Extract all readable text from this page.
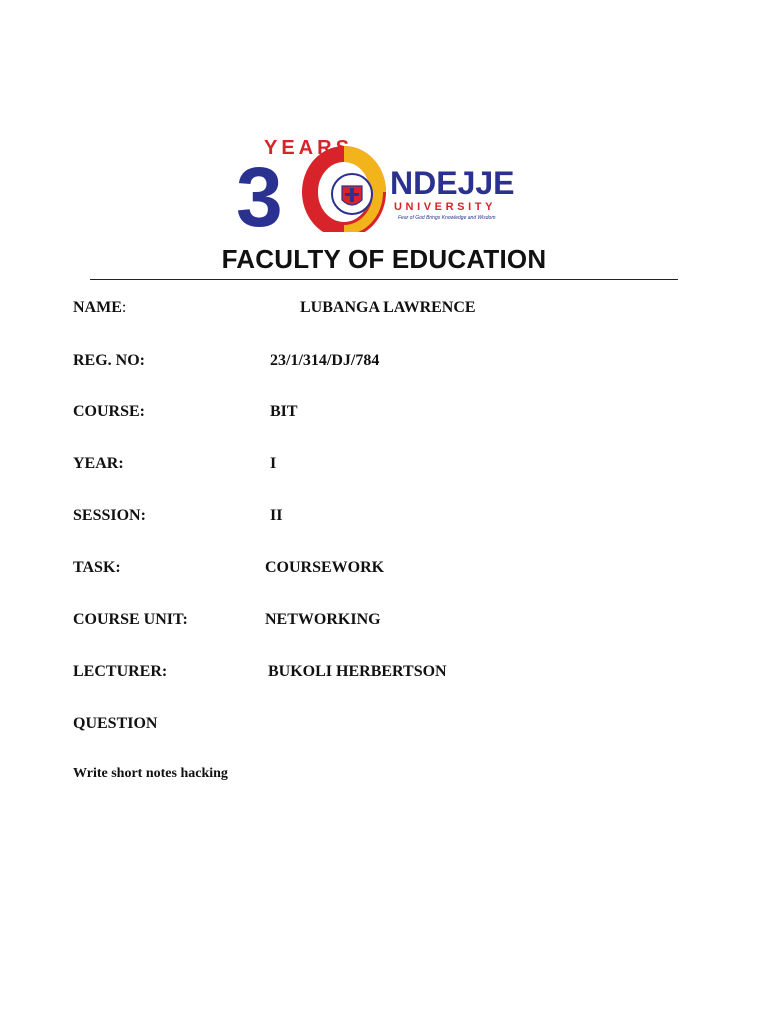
YEARS
3	NDEJJE
UNIVERSITY
Fear of God Brings Knowledge and Wisdom
FACULTY OF EDUCATION
NAME:	LUBANGA LAWRENCE
REG. NO:	23/1/314/DJ/784
COURSE:	BIT
YEAR:	I
SESSION:	II
TASK:	COURSEWORK
COURSE UNIT:	NETWORKING
LECTURER:	BUKOLI HERBERTSON
QUESTION
Write short notes hacking
